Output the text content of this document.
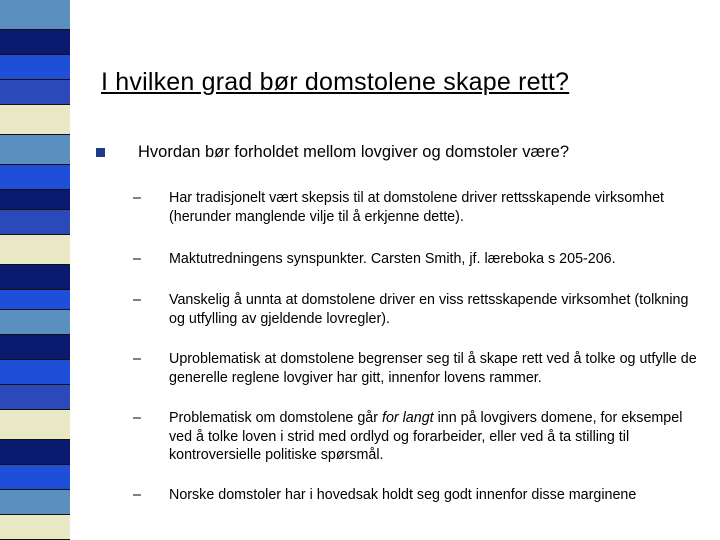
I hvilken grad bør domstolene skape rett?

Hvordan bør forholdet mellom lovgiver og domstoler være?

– Har tradisjonelt vært skepsis til at domstolene driver rettsskapende virksomhet (herunder manglende vilje til å erkjenne dette).
– Maktutredningens synspunkter. Carsten Smith, jf. læreboka s 205-206.
– Vanskelig å unnta at domstolene driver en viss rettsskapende virksomhet (tolkning og utfylling av gjeldende lovregler).
– Uproblematisk at domstolene begrenser seg til å skape rett ved å tolke og utfylle de generelle reglene lovgiver har gitt, innenfor lovens rammer.
– Problematisk om domstolene går for langt inn på lovgivers domene, for eksempel ved å tolke loven i strid med ordlyd og forarbeider, eller ved å ta stilling til kontroversielle politiske spørsmål.
– Norske domstoler har i hovedsak holdt seg godt innenfor disse marginene
